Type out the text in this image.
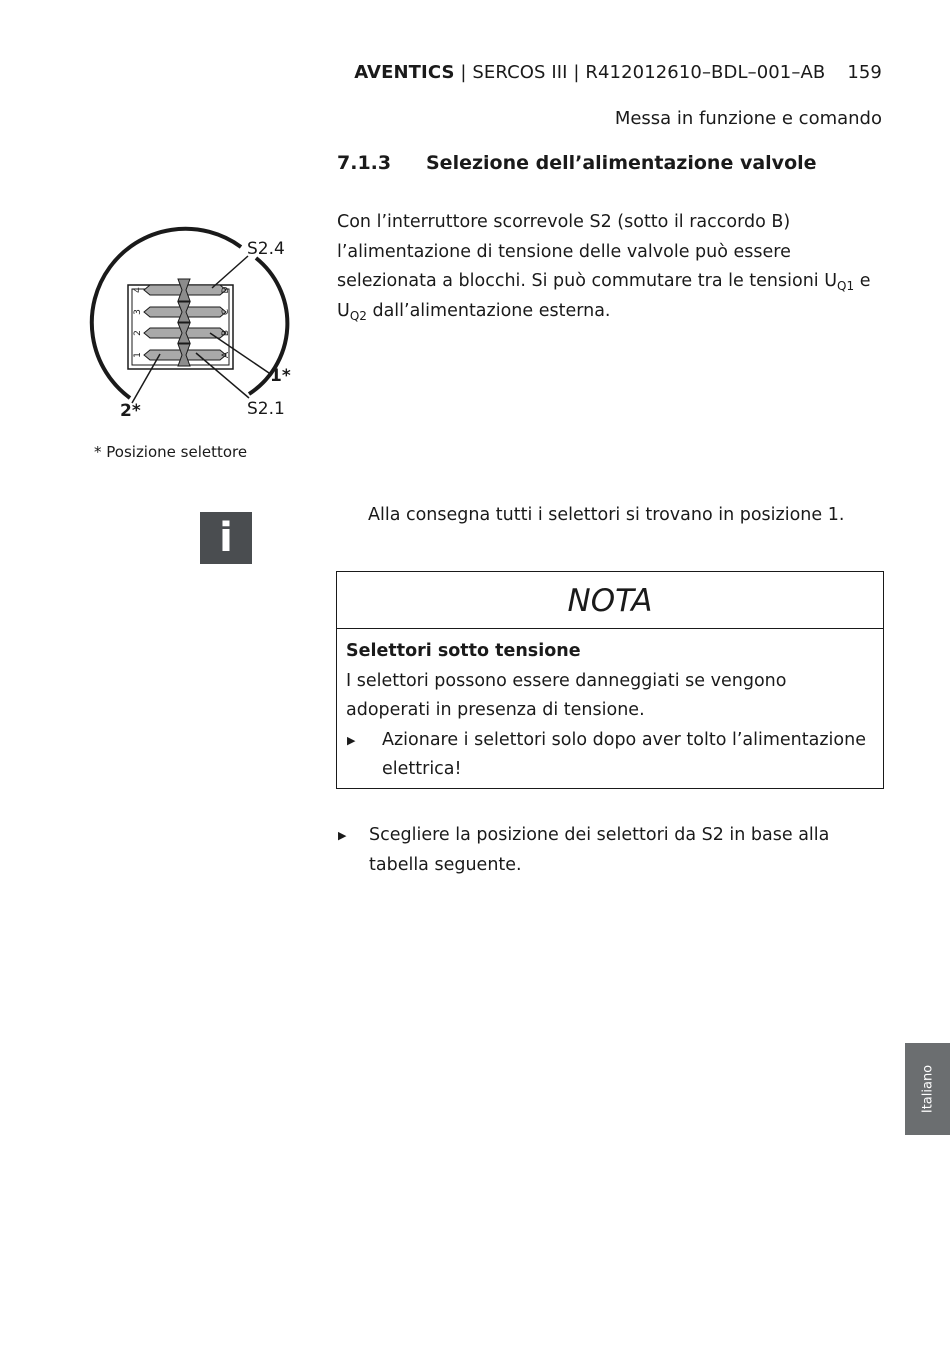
AVENTICS | SERCOS III | R412012610–BDL–001–AB 159
Messa in funzione e comando
7.1.3 Selezione dell’alimentazione valvole
Con l’interruttore scorrevole S2 (sotto il raccordo B) l’alimentazione di tensione delle valvole può essere selezionata a blocchi. Si può commutare tra le tensioni $U_{Q1}$ e $U_{Q2}$ dall’alimentazione esterna.
4
3
2
1
D
C
B
A
S2.4
1*
S2.1
2*
* Posizione selettore
i	Alla consegna tutti i selettori si trovano in posizione 1.
NOTA
Selettori sotto tensione
I selettori possono essere danneggiati se vengono adoperati in presenza di tensione.
▶ Azionare i selettori solo dopo aver tolto l’alimentazione elettrica!
▶ Scegliere la posizione dei selettori da S2 in base alla tabella seguente.
Italiano
